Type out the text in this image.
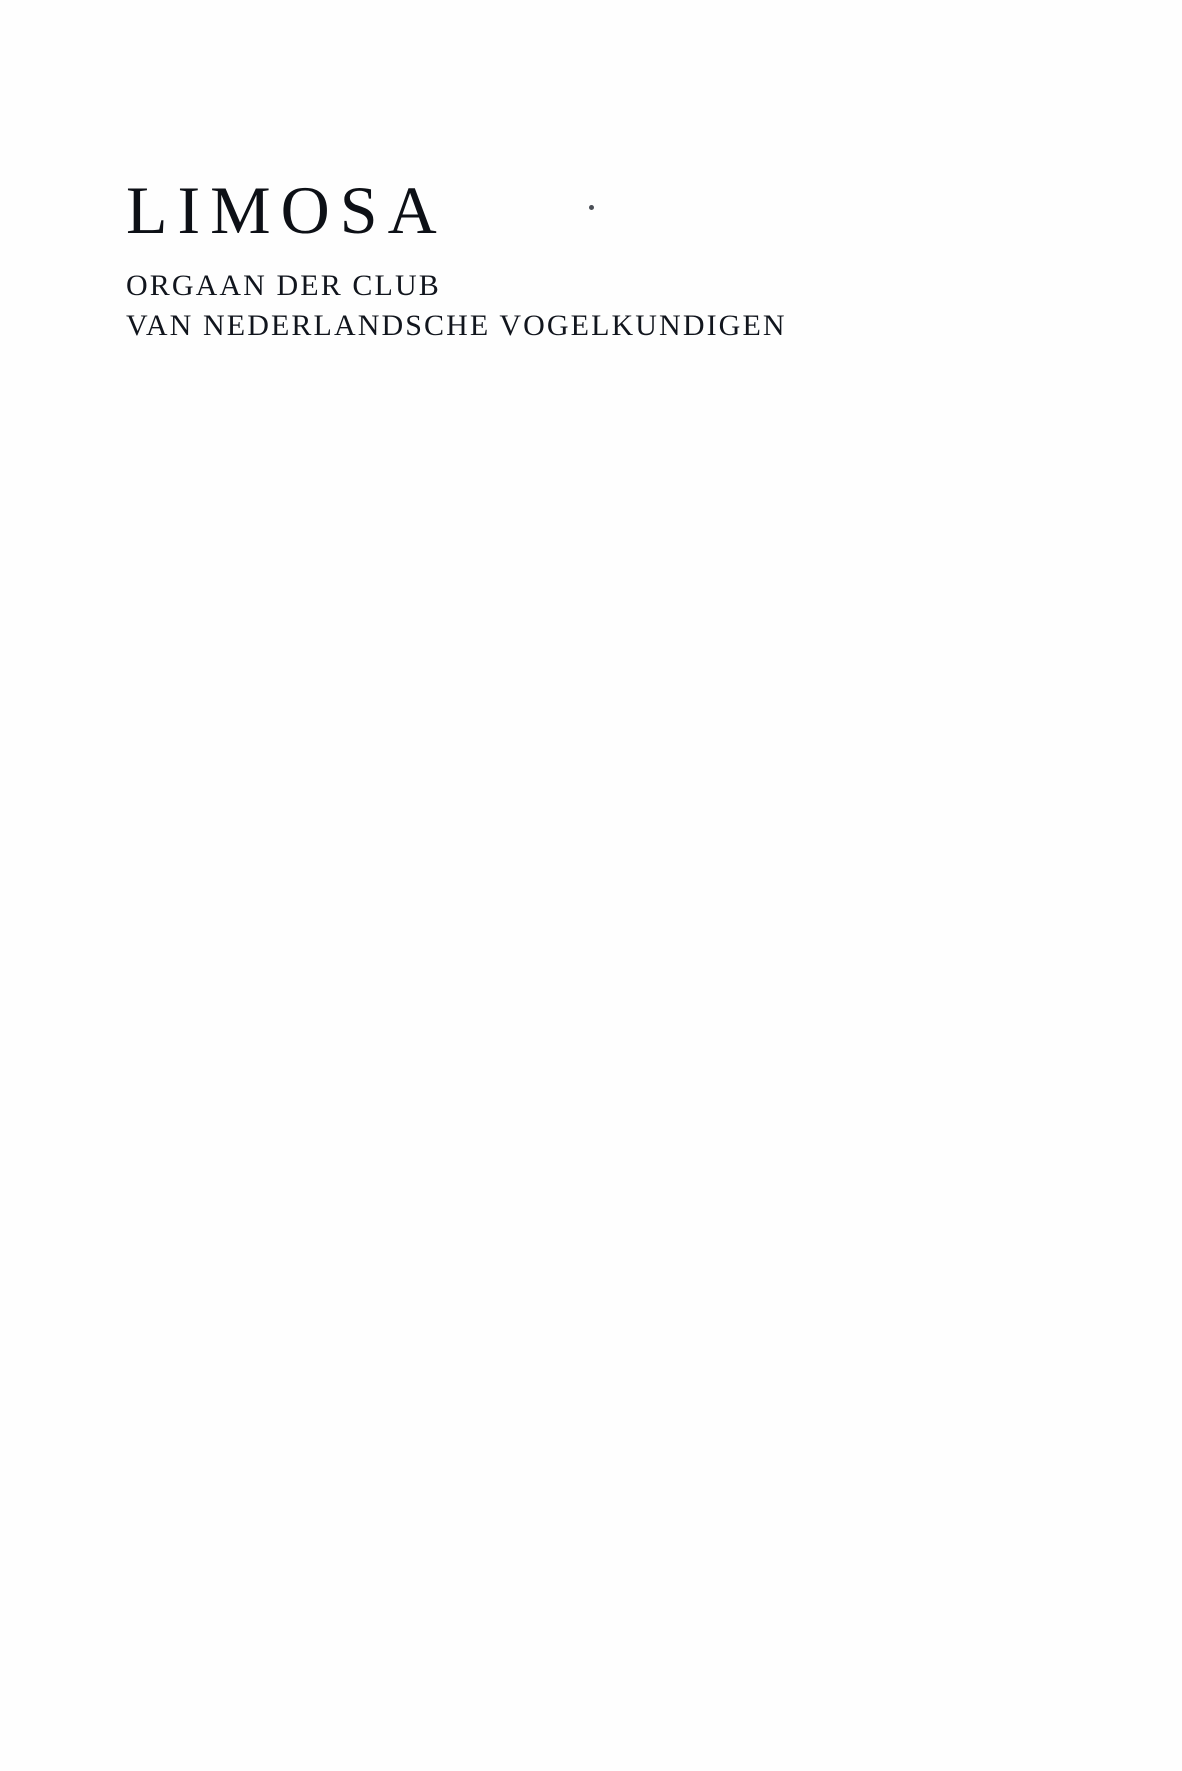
LIMOSA

ORGAAN DER CLUB

VAN NEDERLANDSCHE VOGELKUNDIGEN
